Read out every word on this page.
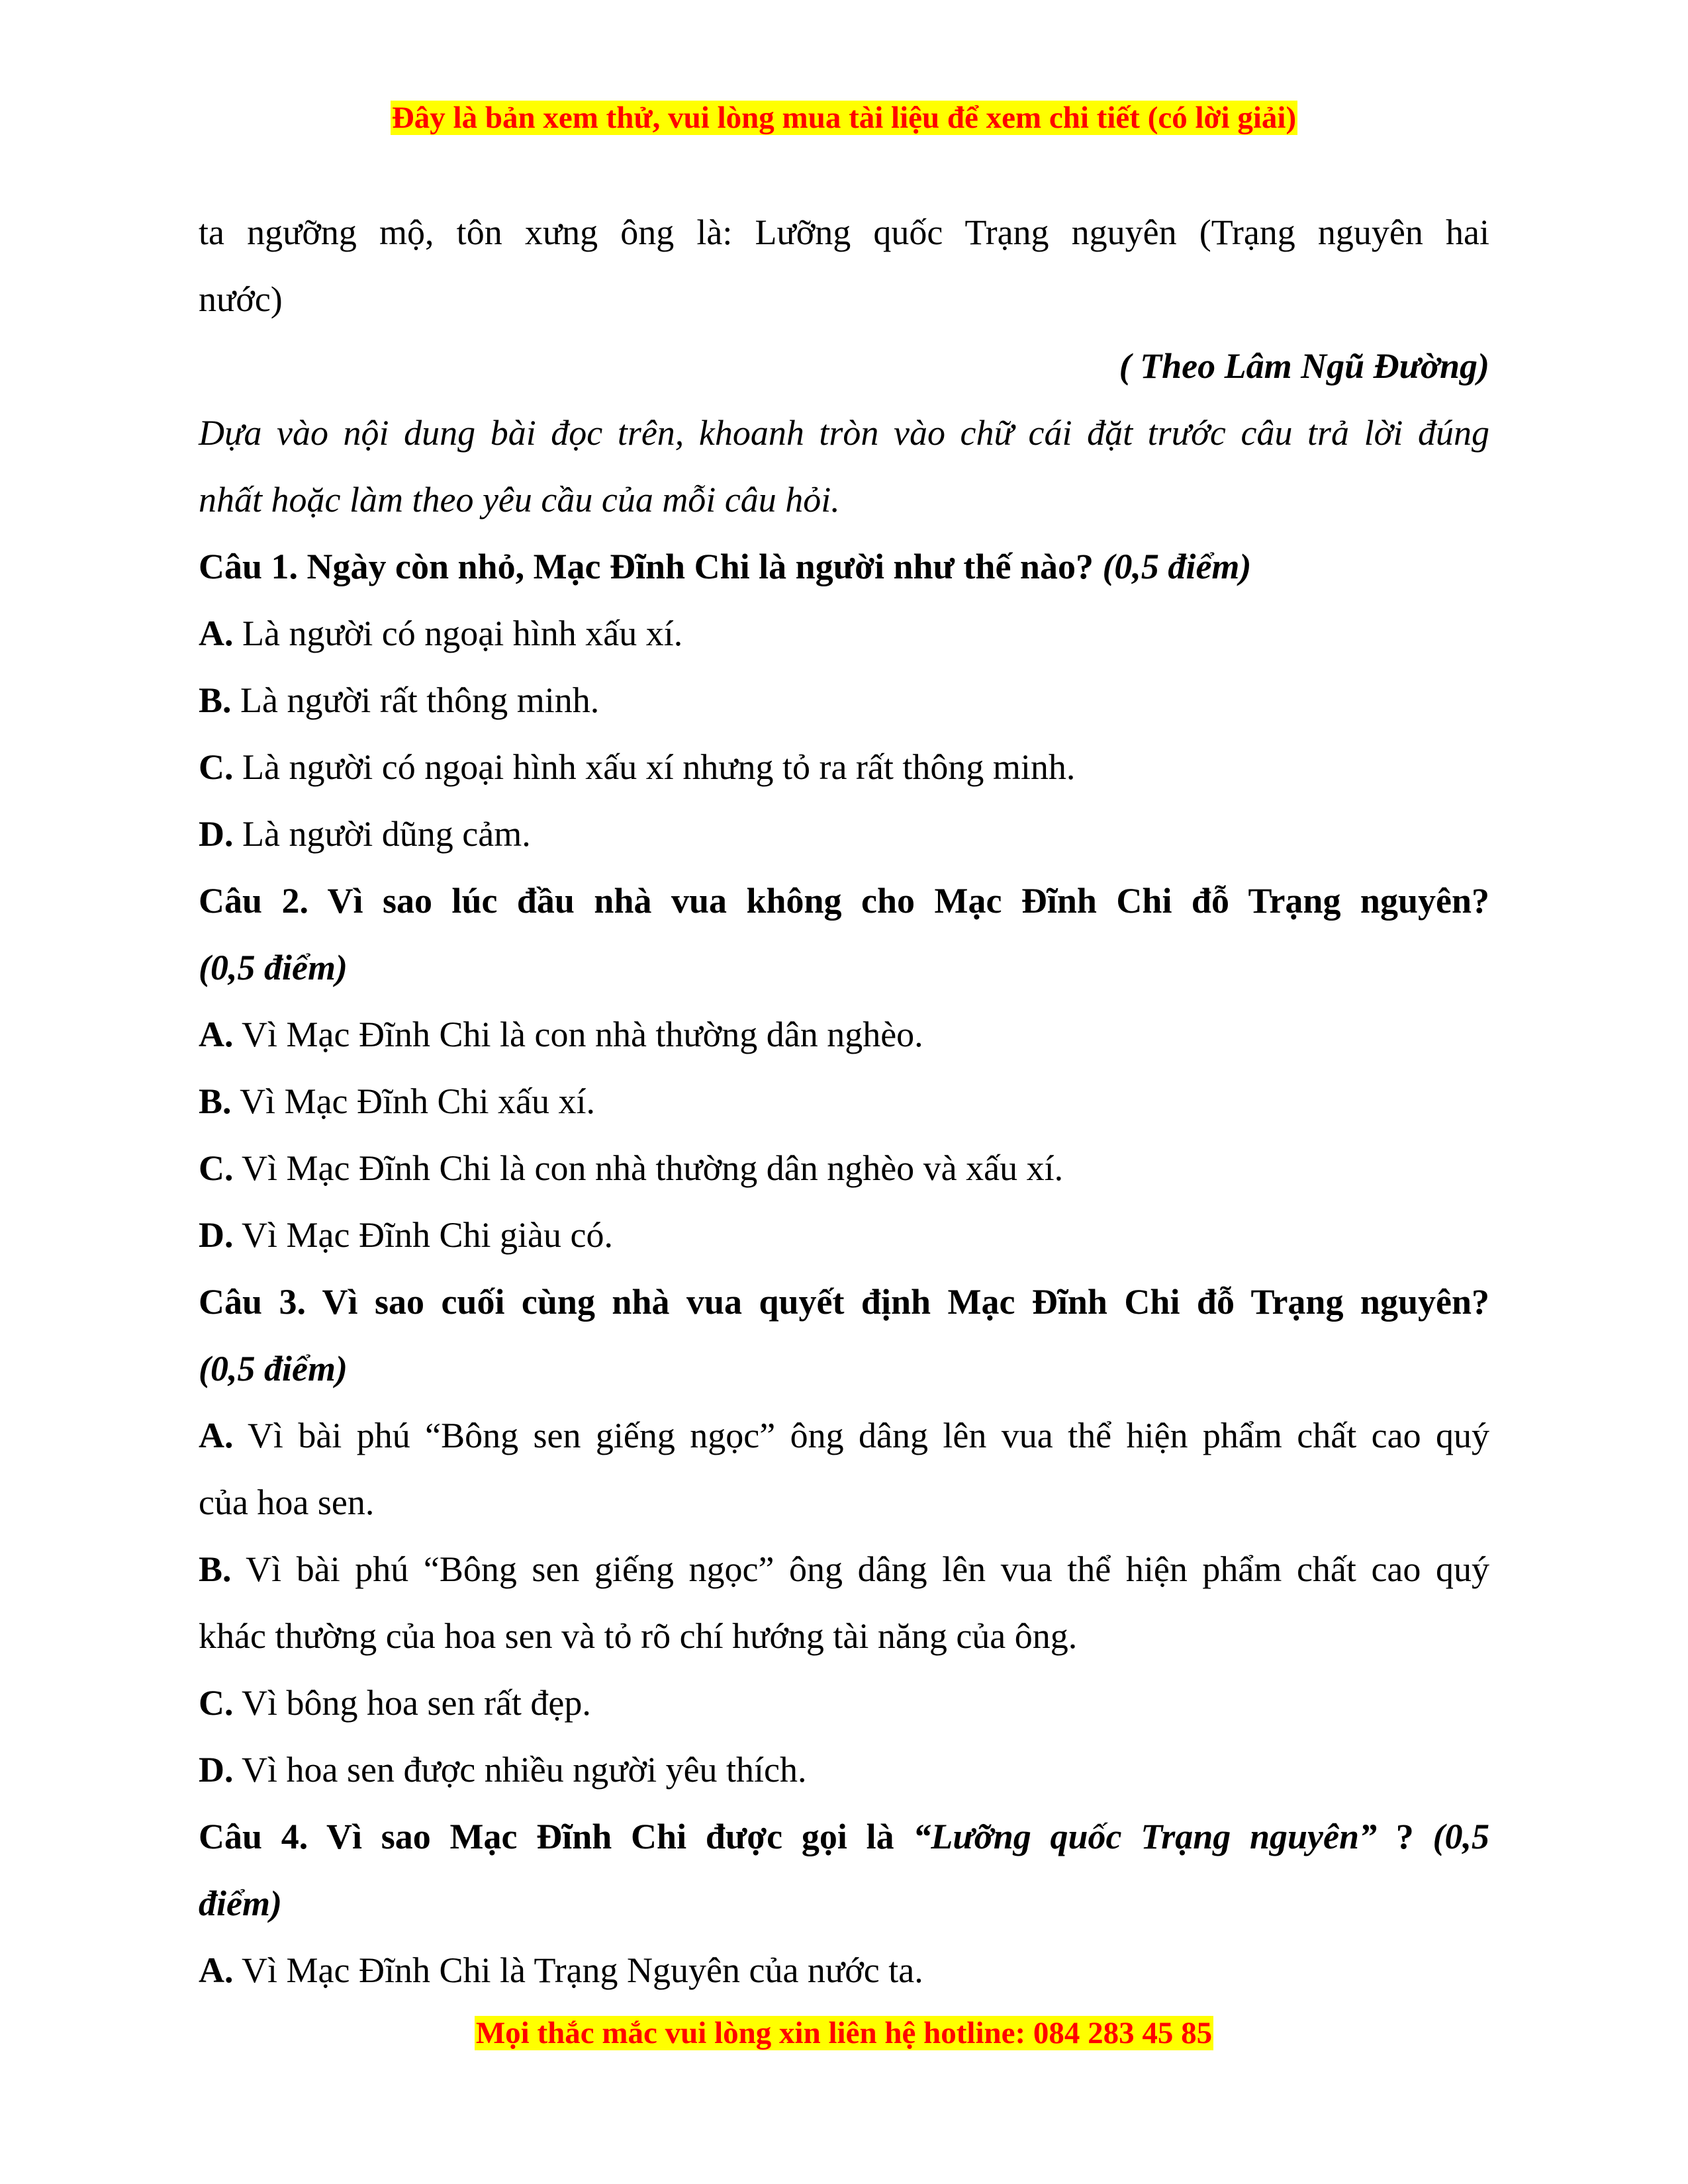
Đây là bản xem thử, vui lòng mua tài liệu để xem chi tiết (có lời giải)
ta ngưỡng mộ, tôn xưng ông là: Lưỡng quốc Trạng nguyên (Trạng nguyên hai
nước)
( Theo Lâm Ngũ Đường)
Dựa vào nội dung bài đọc trên, khoanh tròn vào chữ cái đặt trước câu trả lời đúng
nhất hoặc làm theo yêu cầu của mỗi câu hỏi.
Câu 1. Ngày còn nhỏ, Mạc Đĩnh Chi là người như thế nào? (0,5 điểm)
A. Là người có ngoại hình xấu xí.
B. Là người rất thông minh.
C. Là người có ngoại hình xấu xí nhưng tỏ ra rất thông minh.
D. Là người dũng cảm.
Câu 2. Vì sao lúc đầu nhà vua không cho Mạc Đĩnh Chi đỗ Trạng nguyên?
(0,5 điểm)
A. Vì Mạc Đĩnh Chi là con nhà thường dân nghèo.
B. Vì Mạc Đĩnh Chi xấu xí.
C. Vì Mạc Đĩnh Chi là con nhà thường dân nghèo và xấu xí.
D. Vì Mạc Đĩnh Chi giàu có.
Câu 3. Vì sao cuối cùng nhà vua quyết định Mạc Đĩnh Chi đỗ Trạng nguyên?
(0,5 điểm)
A. Vì bài phú “Bông sen giếng ngọc” ông dâng lên vua thể hiện phẩm chất cao quý
của hoa sen.
B. Vì bài phú “Bông sen giếng ngọc” ông dâng lên vua thể hiện phẩm chất cao quý
khác thường của hoa sen và tỏ rõ chí hướng tài năng của ông.
C. Vì bông hoa sen rất đẹp.
D. Vì hoa sen được nhiều người yêu thích.
Câu 4. Vì sao Mạc Đĩnh Chi được gọi là “Lưỡng quốc Trạng nguyên” ? (0,5
điểm)
A. Vì Mạc Đĩnh Chi là Trạng Nguyên của nước ta.
Mọi thắc mắc vui lòng xin liên hệ hotline: 084 283 45 85
